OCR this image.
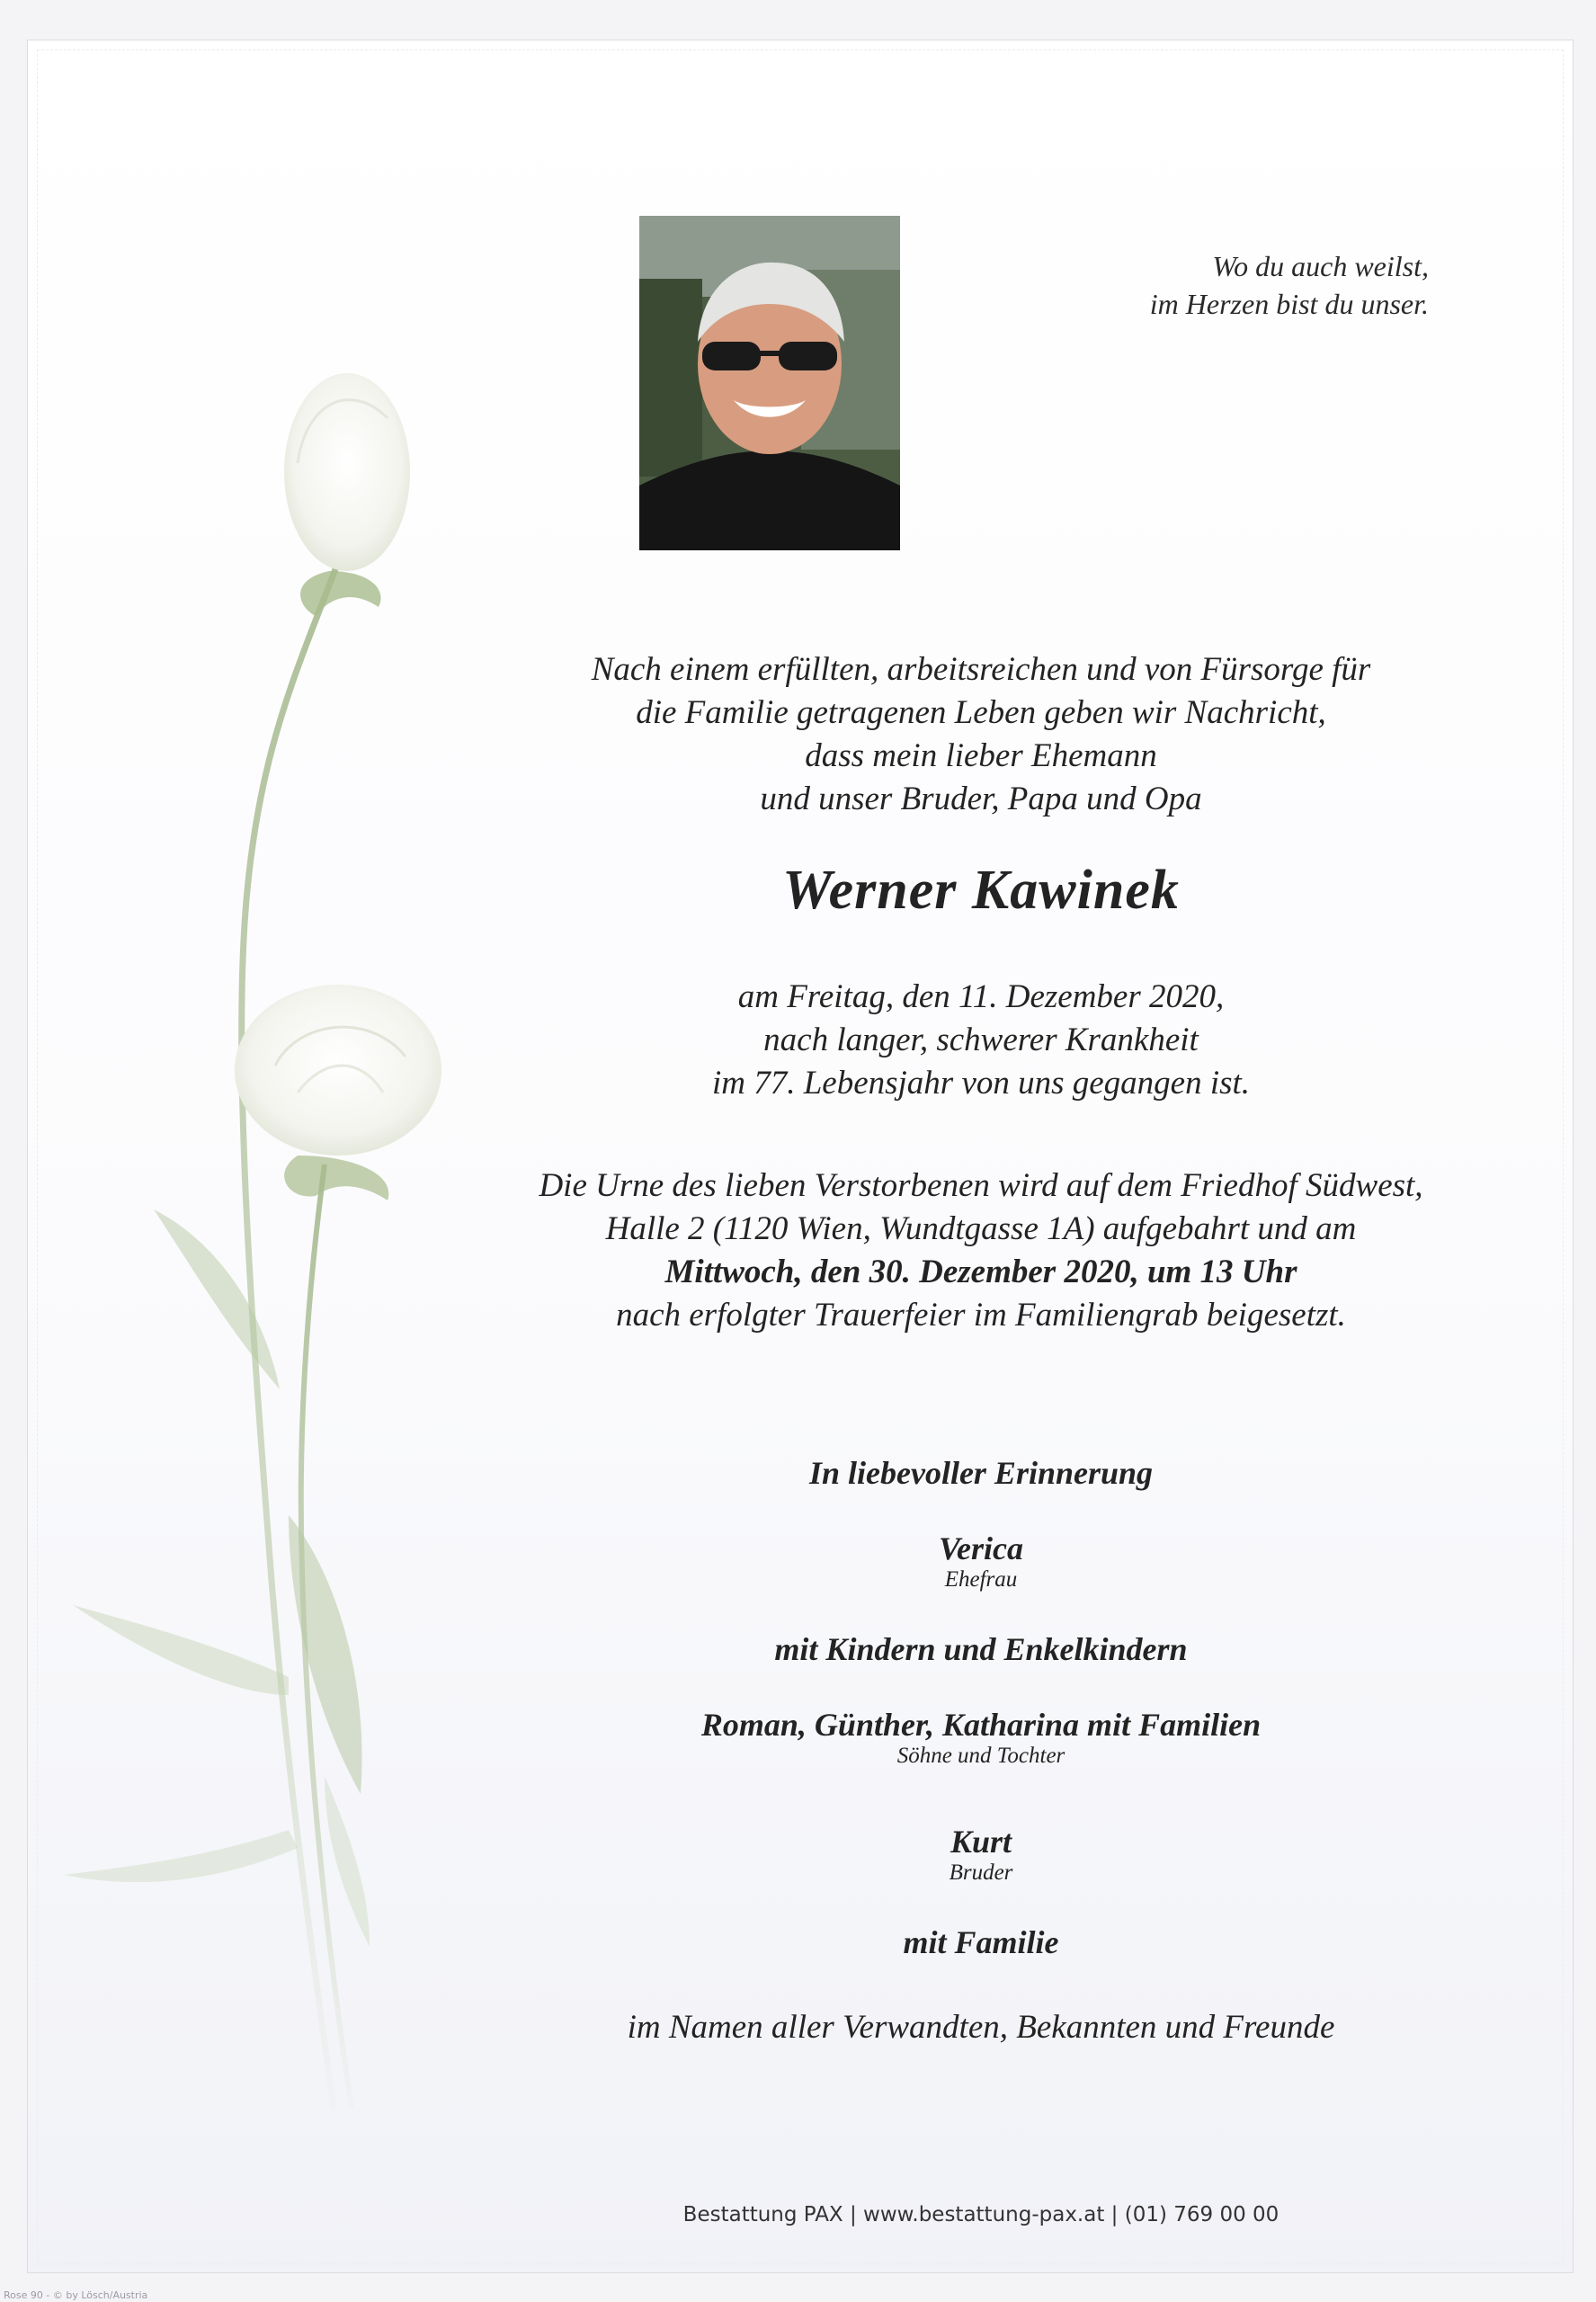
Wo du auch weilst,
im Herzen bist du unser.
Nach einem erfüllten, arbeitsreichen und von Fürsorge für
die Familie getragenen Leben geben wir Nachricht,
dass mein lieber Ehemann
und unser Bruder, Papa und Opa
Werner Kawinek
am Freitag, den 11. Dezember 2020,
nach langer, schwerer Krankheit
im 77. Lebensjahr von uns gegangen ist.
Die Urne des lieben Verstorbenen wird auf dem Friedhof Südwest,
Halle 2 (1120 Wien, Wundtgasse 1A) aufgebahrt und am
Mittwoch, den 30. Dezember 2020, um 13 Uhr
nach erfolgter Trauerfeier im Familiengrab beigesetzt.
In liebevoller Erinnerung
Verica
Ehefrau
mit Kindern und Enkelkindern
Roman, Günther, Katharina mit Familien
Söhne und Tochter
Kurt
Bruder
mit Familie
im Namen aller Verwandten, Bekannten und Freunde
Bestattung PAX | www.bestattung-pax.at | (01) 769 00 00
Rose 90 - © by Lösch/Austria
